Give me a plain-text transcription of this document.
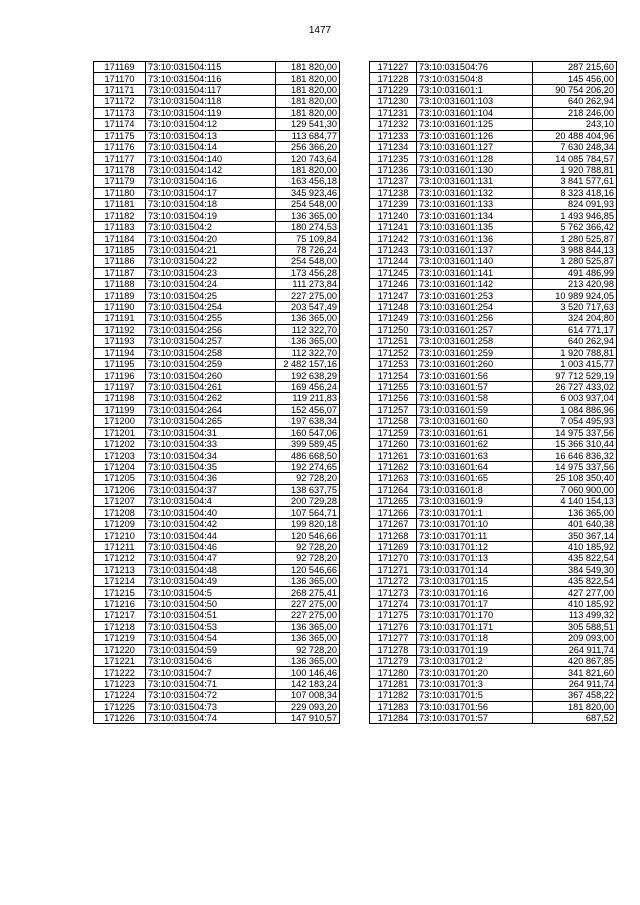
1477
171169	73:10:031504:115	181 820,00
171170	73:10:031504:116	181 820,00
171171	73:10:031504:117	181 820,00
171172	73:10:031504:118	181 820,00
171173	73:10:031504:119	181 820,00
171174	73:10:031504:12	129 541,30
171175	73:10:031504:13	113 684,77
171176	73:10:031504:14	256 366,20
171177	73:10:031504:140	120 743,64
171178	73:10:031504:142	181 820,00
171179	73:10:031504:16	163 456,18
171180	73:10:031504:17	345 923,46
171181	73:10:031504:18	254 548,00
171182	73:10:031504:19	136 365,00
171183	73:10:031504:2	180 274,53
171184	73:10:031504:20	75 109,84
171185	73:10:031504:21	78 726,24
171186	73:10:031504:22	254 548,00
171187	73:10:031504:23	173 456,28
171188	73:10:031504:24	111 273,84
171189	73:10:031504:25	227 275,00
171190	73:10:031504:254	203 547,49
171191	73:10:031504:255	136 365,00
171192	73:10:031504:256	112 322,70
171193	73:10:031504:257	136 365,00
171194	73:10:031504:258	112 322,70
171195	73:10:031504:259	2 482 157,16
171196	73:10:031504:260	192 638,29
171197	73:10:031504:261	169 456,24
171198	73:10:031504:262	119 211,83
171199	73:10:031504:264	152 456,07
171200	73:10:031504:265	197 638,34
171201	73:10:031504:31	160 547,06
171202	73:10:031504:33	399 589,45
171203	73:10:031504:34	486 668,50
171204	73:10:031504:35	192 274,65
171205	73:10:031504:36	92 728,20
171206	73:10:031504:37	138 637,75
171207	73:10:031504:4	200 729,28
171208	73:10:031504:40	107 564,71
171209	73:10:031504:42	199 820,18
171210	73:10:031504:44	120 546,66
171211	73:10:031504:46	92 728,20
171212	73:10:031504:47	92 728,20
171213	73:10:031504:48	120 546,66
171214	73:10:031504:49	136 365,00
171215	73:10:031504:5	268 275,41
171216	73:10:031504:50	227 275,00
171217	73:10:031504:51	227 275,00
171218	73:10:031504:53	136 365,00
171219	73:10:031504:54	136 365,00
171220	73:10:031504:59	92 728,20
171221	73:10:031504:6	136 365,00
171222	73:10:031504:7	100 146,46
171223	73:10:031504:71	142 183,24
171224	73:10:031504:72	107 008,34
171225	73:10:031504:73	229 093,20
171226	73:10:031504:74	147 910,57
171227	73:10:031504:76	287 215,60
171228	73:10:031504:8	145 456,00
171229	73:10:031601:1	90 754 206,20
171230	73:10:031601:103	640 262,94
171231	73:10:031601:104	218 246,00
171232	73:10:031601:125	243,10
171233	73:10:031601:126	20 488 404,96
171234	73:10:031601:127	7 630 248,34
171235	73:10:031601:128	14 085 784,57
171236	73:10:031601:130	1 920 788,81
171237	73:10:031601:131	3 841 577,61
171238	73:10:031601:132	8 323 418,16
171239	73:10:031601:133	824 091,93
171240	73:10:031601:134	1 493 946,85
171241	73:10:031601:135	5 762 366,42
171242	73:10:031601:136	1 280 525,87
171243	73:10:031601:137	3 988 844,13
171244	73:10:031601:140	1 280 525,87
171245	73:10:031601:141	491 486,99
171246	73:10:031601:142	213 420,98
171247	73:10:031601:253	10 989 924,05
171248	73:10:031601:254	3 520 717,63
171249	73:10:031601:256	324 204,80
171250	73:10:031601:257	614 771,17
171251	73:10:031601:258	640 262,94
171252	73:10:031601:259	1 920 788,81
171253	73:10:031601:260	1 003 415,77
171254	73:10:031601:56	97 712 529,19
171255	73:10:031601:57	26 727 433,02
171256	73:10:031601:58	6 003 937,04
171257	73:10:031601:59	1 084 886,96
171258	73:10:031601:60	7 054 495,93
171259	73:10:031601:61	14 975 337,56
171260	73:10:031601:62	15 366 310,44
171261	73:10:031601:63	16 646 836,32
171262	73:10:031601:64	14 975 337,56
171263	73:10:031601:65	25 108 350,40
171264	73:10:031601:8	7 060 900,00
171265	73:10:031601:9	4 140 154,13
171266	73:10:031701:1	136 365,00
171267	73:10:031701:10	401 640,38
171268	73:10:031701:11	350 367,14
171269	73:10:031701:12	410 185,92
171270	73:10:031701:13	435 822,54
171271	73:10:031701:14	384 549,30
171272	73:10:031701:15	435 822,54
171273	73:10:031701:16	427 277,00
171274	73:10:031701:17	410 185,92
171275	73:10:031701:170	113 499,32
171276	73:10:031701:171	305 588,51
171277	73:10:031701:18	209 093,00
171278	73:10:031701:19	264 911,74
171279	73:10:031701:2	420 867,85
171280	73:10:031701:20	341 821,60
171281	73:10:031701:3	264 911,74
171282	73:10:031701:5	367 458,22
171283	73:10:031701:56	181 820,00
171284	73:10:031701:57	687,52
